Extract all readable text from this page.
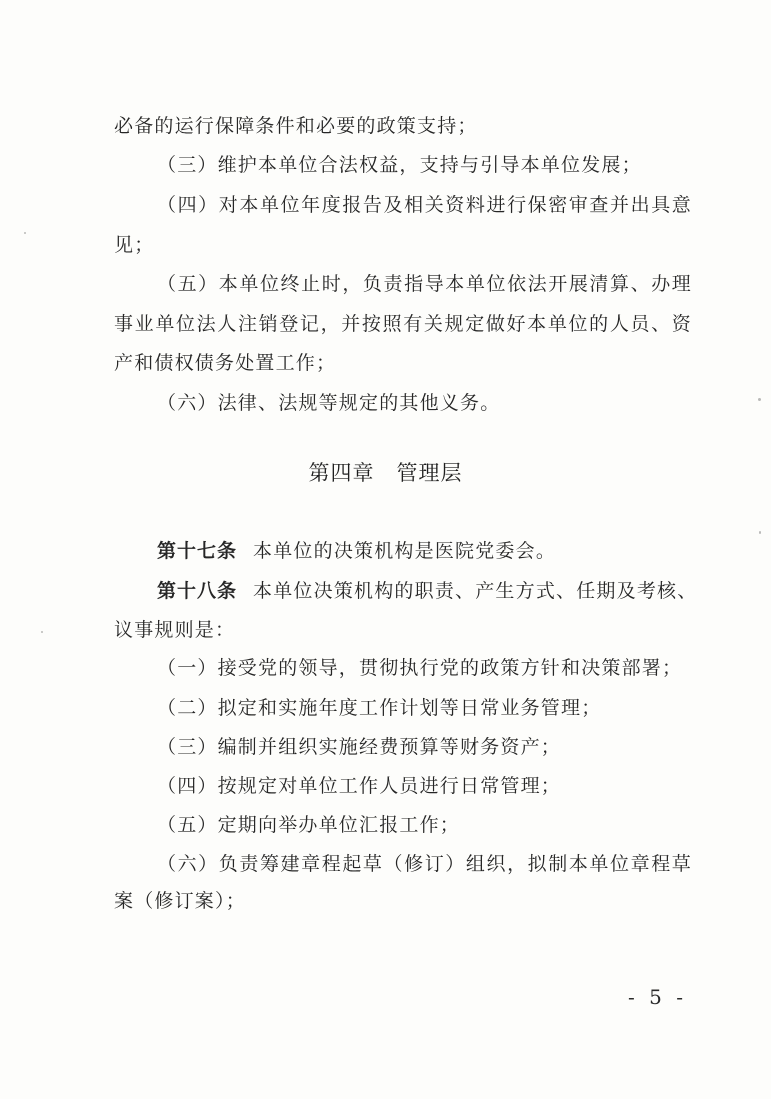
必备的运行保障条件和必要的政策支持；
（三）维护本单位合法权益，支持与引导本单位发展；
（四）对本单位年度报告及相关资料进行保密审查并出具意
见；
（五）本单位终止时，负责指导本单位依法开展清算、办理
事业单位法人注销登记，并按照有关规定做好本单位的人员、资
产和债权债务处置工作；
（六）法律、法规等规定的其他义务。
第四章 管理层
第十七条 本单位的决策机构是医院党委会。
第十八条 本单位决策机构的职责、产生方式、任期及考核、
议事规则是：
（一）接受党的领导，贯彻执行党的政策方针和决策部署；
（二）拟定和实施年度工作计划等日常业务管理；
（三）编制并组织实施经费预算等财务资产；
（四）按规定对单位工作人员进行日常管理；
（五）定期向举办单位汇报工作；
（六）负责筹建章程起草（修订）组织，拟制本单位章程草
案（修订案）；
- 5 -
